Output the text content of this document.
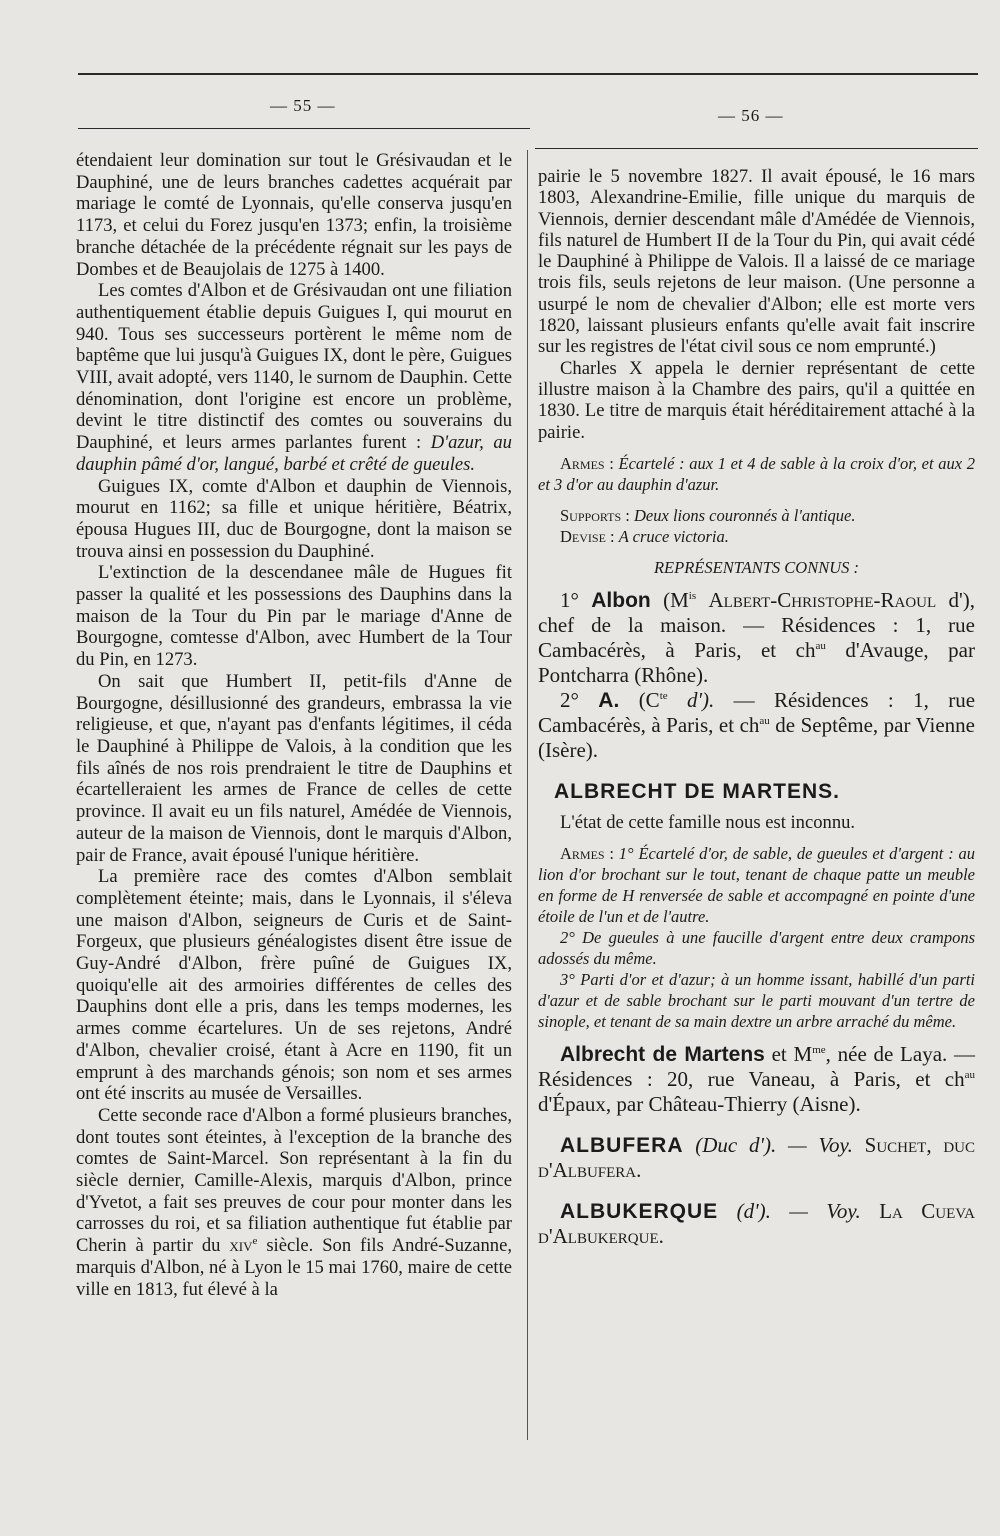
— 55 —
— 56 —

étendaient leur domination sur tout le Grésivaudan et le Dauphiné, une de leurs branches cadettes acquérait par mariage le comté de Lyonnais, qu'elle conserva jusqu'en 1173, et celui du Forez jusqu'en 1373; enfin, la troisième branche détachée de la précédente régnait sur les pays de Dombes et de Beaujolais de 1275 à 1400.

Les comtes d'Albon et de Grésivaudan ont une filiation authentiquement établie depuis Guigues I, qui mourut en 940. Tous ses successeurs portèrent le même nom de baptême que lui jusqu'à Guigues IX, dont le père, Guigues VIII, avait adopté, vers 1140, le surnom de Dauphin. Cette dénomination, dont l'origine est encore un problème, devint le titre distinctif des comtes ou souverains du Dauphiné, et leurs armes parlantes furent : D'azur, au dauphin pâmé d'or, langué, barbé et crêté de gueules.

Guigues IX, comte d'Albon et dauphin de Viennois, mourut en 1162; sa fille et unique héritière, Béatrix, épousa Hugues III, duc de Bourgogne, dont la maison se trouva ainsi en possession du Dauphiné.

L'extinction de la descendanee mâle de Hugues fit passer la qualité et les possessions des Dauphins dans la maison de la Tour du Pin par le mariage d'Anne de Bourgogne, comtesse d'Albon, avec Humbert de la Tour du Pin, en 1273.

On sait que Humbert II, petit-fils d'Anne de Bourgogne, désillusionné des grandeurs, embrassa la vie religieuse, et que, n'ayant pas d'enfants légitimes, il céda le Dauphiné à Philippe de Valois, à la condition que les fils aînés de nos rois prendraient le titre de Dauphins et écartelleraient les armes de France de celles de cette province. Il avait eu un fils naturel, Amédée de Viennois, auteur de la maison de Viennois, dont le marquis d'Albon, pair de France, avait épousé l'unique héritière.

La première race des comtes d'Albon semblait complètement éteinte; mais, dans le Lyonnais, il s'éleva une maison d'Albon, seigneurs de Curis et de Saint-Forgeux, que plusieurs généalogistes disent être issue de Guy-André d'Albon, frère puîné de Guigues IX, quoiqu'elle ait des armoiries différentes de celles des Dauphins dont elle a pris, dans les temps modernes, les armes comme écartelures. Un de ses rejetons, André d'Albon, chevalier croisé, étant à Acre en 1190, fit un emprunt à des marchands génois; son nom et ses armes ont été inscrits au musée de Versailles.

Cette seconde race d'Albon a formé plusieurs branches, dont toutes sont éteintes, à l'exception de la branche des comtes de Saint-Marcel. Son représentant à la fin du siècle dernier, Camille-Alexis, marquis d'Albon, prince d'Yvetot, a fait ses preuves de cour pour monter dans les carrosses du roi, et sa filiation authentique fut établie par Cherin à partir du xiv$^e$ siècle. Son fils André-Suzanne, marquis d'Albon, né à Lyon le 15 mai 1760, maire de cette ville en 1813, fut élevé à la

pairie le 5 novembre 1827. Il avait épousé, le 16 mars 1803, Alexandrine-Emilie, fille unique du marquis de Viennois, dernier descendant mâle d'Amédée de Viennois, fils naturel de Humbert II de la Tour du Pin, qui avait cédé le Dauphiné à Philippe de Valois. Il a laissé de ce mariage trois fils, seuls rejetons de leur maison. (Une personne a usurpé le nom de chevalier d'Albon; elle est morte vers 1820, laissant plusieurs enfants qu'elle avait fait inscrire sur les registres de l'état civil sous ce nom emprunté.)

Charles X appela le dernier représentant de cette illustre maison à la Chambre des pairs, qu'il a quittée en 1830. Le titre de marquis était héréditairement attaché à la pairie.

Armes : Écartelé : aux 1 et 4 de sable à la croix d'or, et aux 2 et 3 d'or au dauphin d'azur.

Supports : Deux lions couronnés à l'antique.

Devise : A cruce victoria.

REPRÉSENTANTS CONNUS :

1° Albon ($M^{is}$ Albert-Christophe-Raoul d'), chef de la maison. — Résidences : 1, rue Cambacérès, à Paris, et $ch^{au}$ d'Avauge, par Pontcharra (Rhône).

2° A. ($C^{te}$ d'). — Résidences : 1, rue Cambacérès, à Paris, et $ch^{au}$ de Septême, par Vienne (Isère).

ALBRECHT DE MARTENS.

L'état de cette famille nous est inconnu.

Armes : 1° Écartelé d'or, de sable, de gueules et d'argent : au lion d'or brochant sur le tout, tenant de chaque patte un meuble en forme de H renversée de sable et accompagné en pointe d'une étoile de l'un et de l'autre.

2° De gueules à une faucille d'argent entre deux crampons adossés du même.

3° Parti d'or et d'azur; à un homme issant, habillé d'un parti d'azur et de sable brochant sur le parti mouvant d'un tertre de sinople, et tenant de sa main dextre un arbre arraché du même.

Albrecht de Martens et $M^{me}$, née de Laya. — Résidences : 20, rue Vaneau, à Paris, et $ch^{au}$ d'Épaux, par Château-Thierry (Aisne).

ALBUFERA (Duc d'). — Voy. Suchet, duc d'Albufera.

ALBUKERQUE (d'). — Voy. La Cueva d'Albukerque.
